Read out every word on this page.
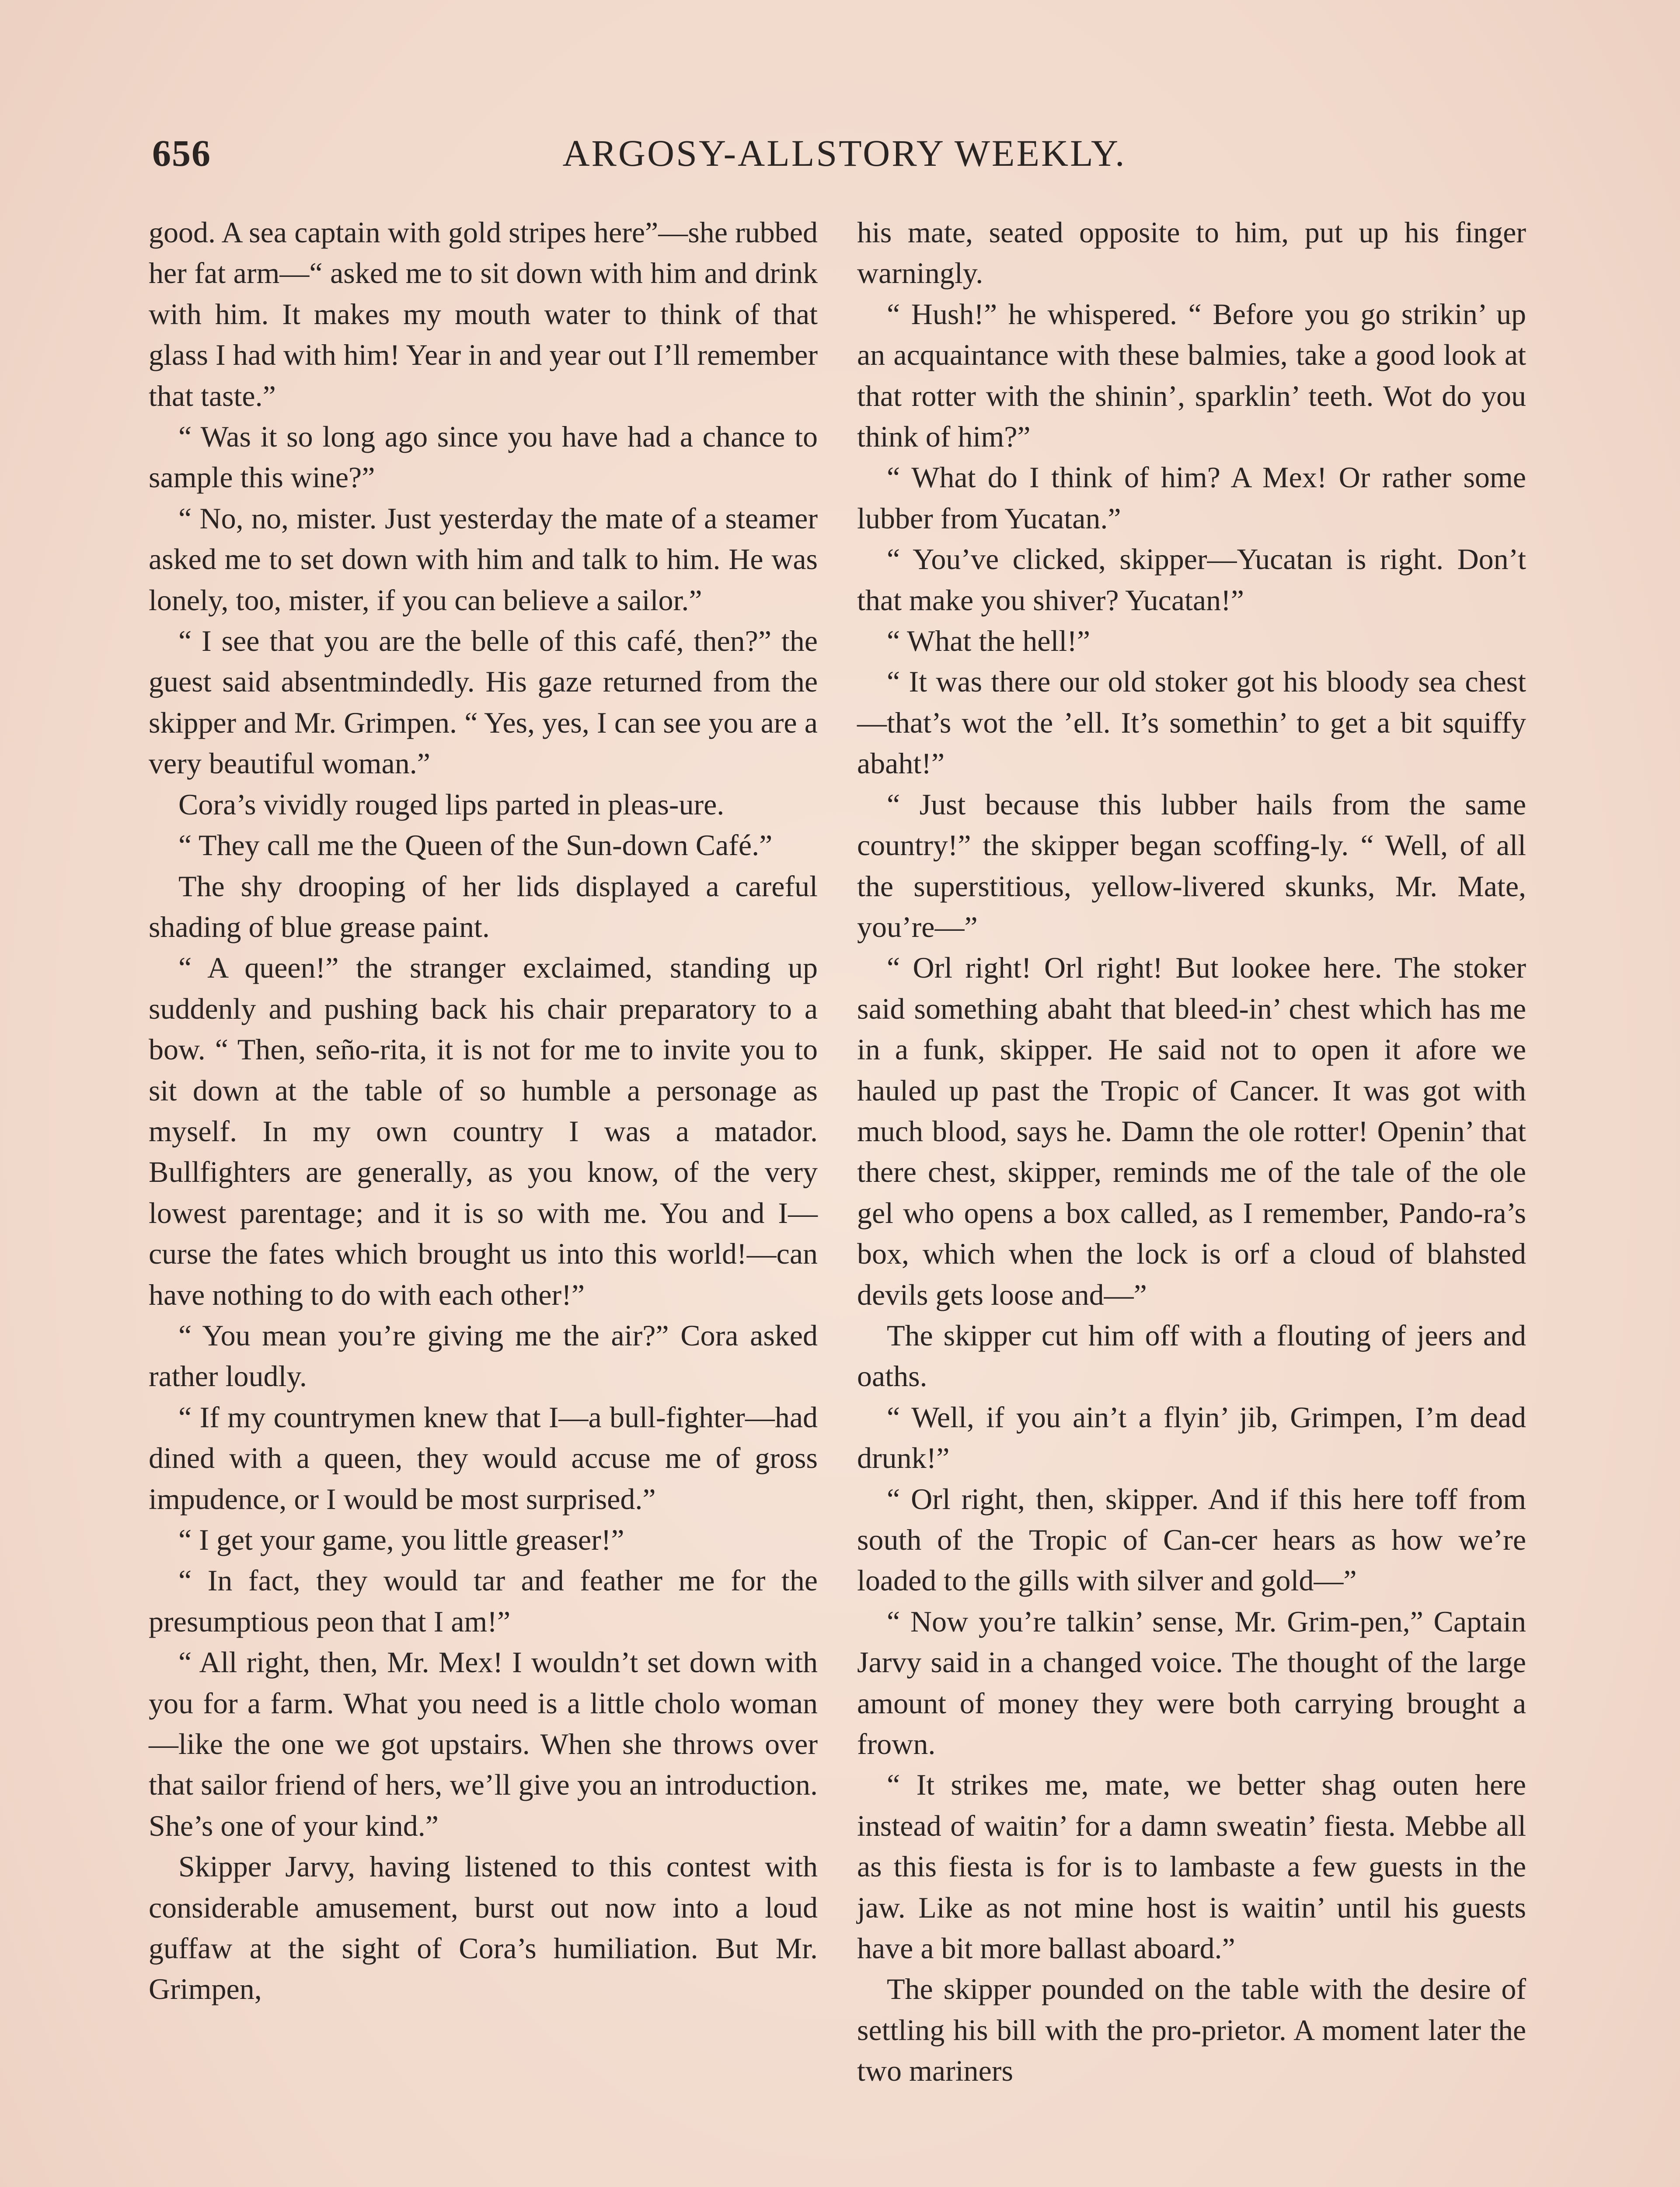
656	ARGOSY-ALLSTORY WEEKLY.

good. A sea captain with gold stripes here”—she rubbed her fat arm—“ asked me to sit down with him and drink with him. It makes my mouth water to think of that glass I had with him! Year in and year out I’ll remember that taste.”

“ Was it so long ago since you have had a chance to sample this wine?”

“ No, no, mister. Just yesterday the mate of a steamer asked me to set down with him and talk to him. He was lonely, too, mister, if you can believe a sailor.”

“ I see that you are the belle of this café, then?” the guest said absentmindedly. His gaze returned from the skipper and Mr. Grimpen. “ Yes, yes, I can see you are a very beautiful woman.”

Cora’s vividly rouged lips parted in pleas-ure.

“ They call me the Queen of the Sun-down Café.”

The shy drooping of her lids displayed a careful shading of blue grease paint.

“ A queen!” the stranger exclaimed, standing up suddenly and pushing back his chair preparatory to a bow. “ Then, seño-rita, it is not for me to invite you to sit down at the table of so humble a personage as myself. In my own country I was a matador. Bullfighters are generally, as you know, of the very lowest parentage; and it is so with me. You and I—curse the fates which brought us into this world!—can have nothing to do with each other!”

“ You mean you’re giving me the air?” Cora asked rather loudly.

“ If my countrymen knew that I—a bull-fighter—had dined with a queen, they would accuse me of gross impudence, or I would be most surprised.”

“ I get your game, you little greaser!”

“ In fact, they would tar and feather me for the presumptious peon that I am!”

“ All right, then, Mr. Mex! I wouldn’t set down with you for a farm. What you need is a little cholo woman—like the one we got upstairs. When she throws over that sailor friend of hers, we’ll give you an introduction. She’s one of your kind.”

Skipper Jarvy, having listened to this contest with considerable amusement, burst out now into a loud guffaw at the sight of Cora’s humiliation. But Mr. Grimpen,

his mate, seated opposite to him, put up his finger warningly.

“ Hush!” he whispered. “ Before you go strikin’ up an acquaintance with these balmies, take a good look at that rotter with the shinin’, sparklin’ teeth. Wot do you think of him?”

“ What do I think of him? A Mex! Or rather some lubber from Yucatan.”

“ You’ve clicked, skipper—Yucatan is right. Don’t that make you shiver? Yucatan!”

“ What the hell!”

“ It was there our old stoker got his bloody sea chest—that’s wot the ’ell. It’s somethin’ to get a bit squiffy abaht!”

“ Just because this lubber hails from the same country!” the skipper began scoffing-ly. “ Well, of all the superstitious, yellow-livered skunks, Mr. Mate, you’re—”

“ Orl right! Orl right! But lookee here. The stoker said something abaht that bleed-in’ chest which has me in a funk, skipper. He said not to open it afore we hauled up past the Tropic of Cancer. It was got with much blood, says he. Damn the ole rotter! Openin’ that there chest, skipper, reminds me of the tale of the ole gel who opens a box called, as I remember, Pando-ra’s box, which when the lock is orf a cloud of blahsted devils gets loose and—”

The skipper cut him off with a flouting of jeers and oaths.

“ Well, if you ain’t a flyin’ jib, Grimpen, I’m dead drunk!”

“ Orl right, then, skipper. And if this here toff from south of the Tropic of Can-cer hears as how we’re loaded to the gills with silver and gold—”

“ Now you’re talkin’ sense, Mr. Grim-pen,” Captain Jarvy said in a changed voice. The thought of the large amount of money they were both carrying brought a frown.

“ It strikes me, mate, we better shag outen here instead of waitin’ for a damn sweatin’ fiesta. Mebbe all as this fiesta is for is to lambaste a few guests in the jaw. Like as not mine host is waitin’ until his guests have a bit more ballast aboard.”

The skipper pounded on the table with the desire of settling his bill with the pro-prietor. A moment later the two mariners
